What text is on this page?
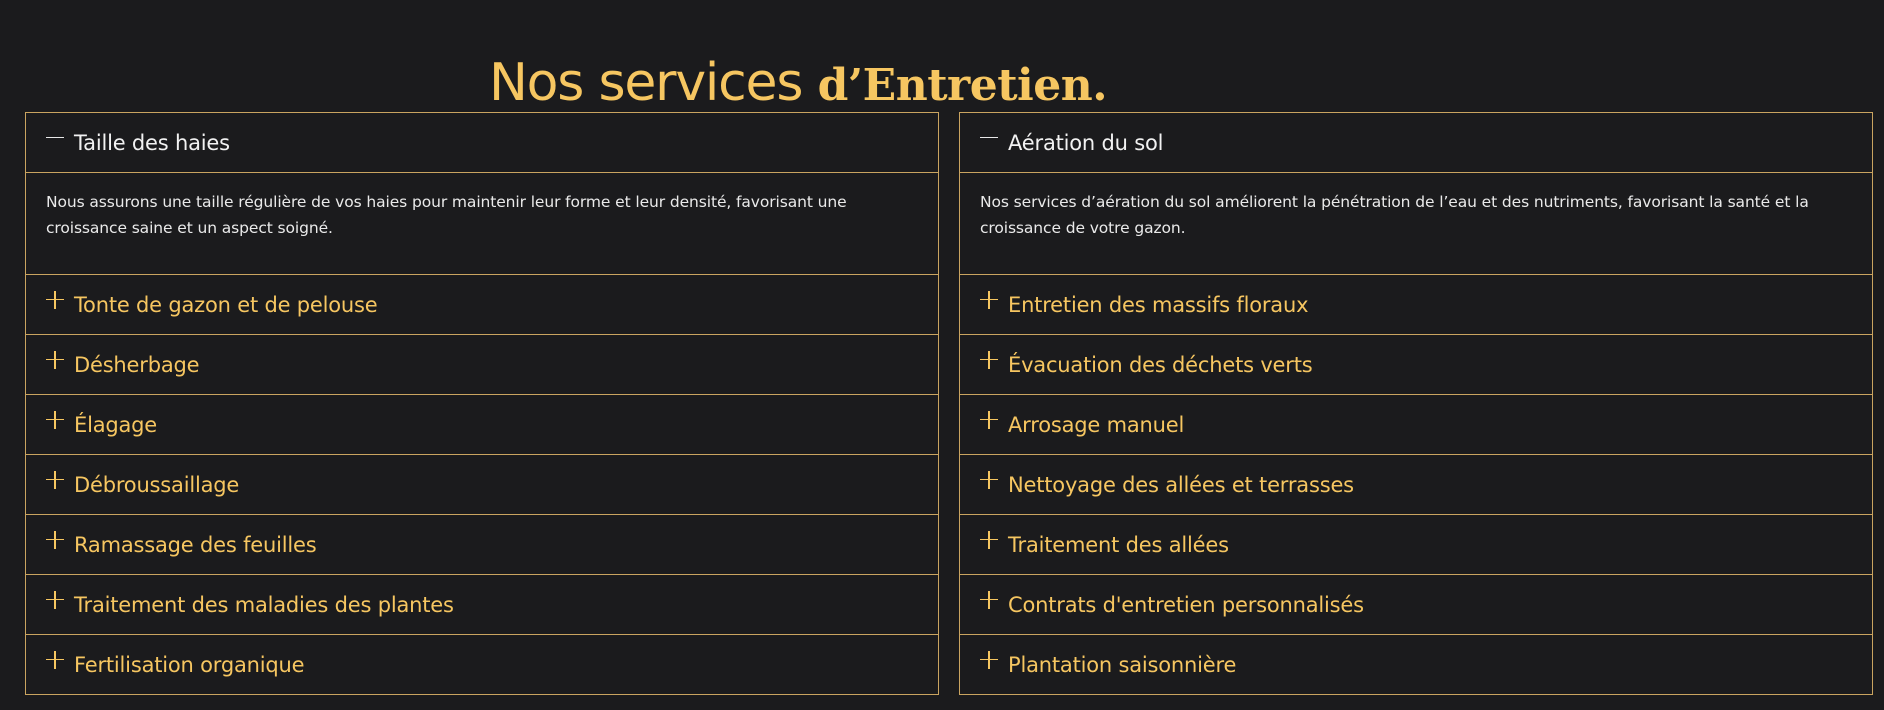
Nos services d’Entretien.
Taille des haies
Nous assurons une taille régulière de vos haies pour maintenir leur forme et leur densité, favorisant une croissance saine et un aspect soigné.
Tonte de gazon et de pelouse
Désherbage
Élagage
Débroussaillage
Ramassage des feuilles
Traitement des maladies des plantes
Fertilisation organique
Aération du sol
Nos services d’aération du sol améliorent la pénétration de l’eau et des nutriments, favorisant la santé et la croissance de votre gazon.
Entretien des massifs floraux
Évacuation des déchets verts
Arrosage manuel
Nettoyage des allées et terrasses
Traitement des allées
Contrats d'entretien personnalisés
Plantation saisonnière
